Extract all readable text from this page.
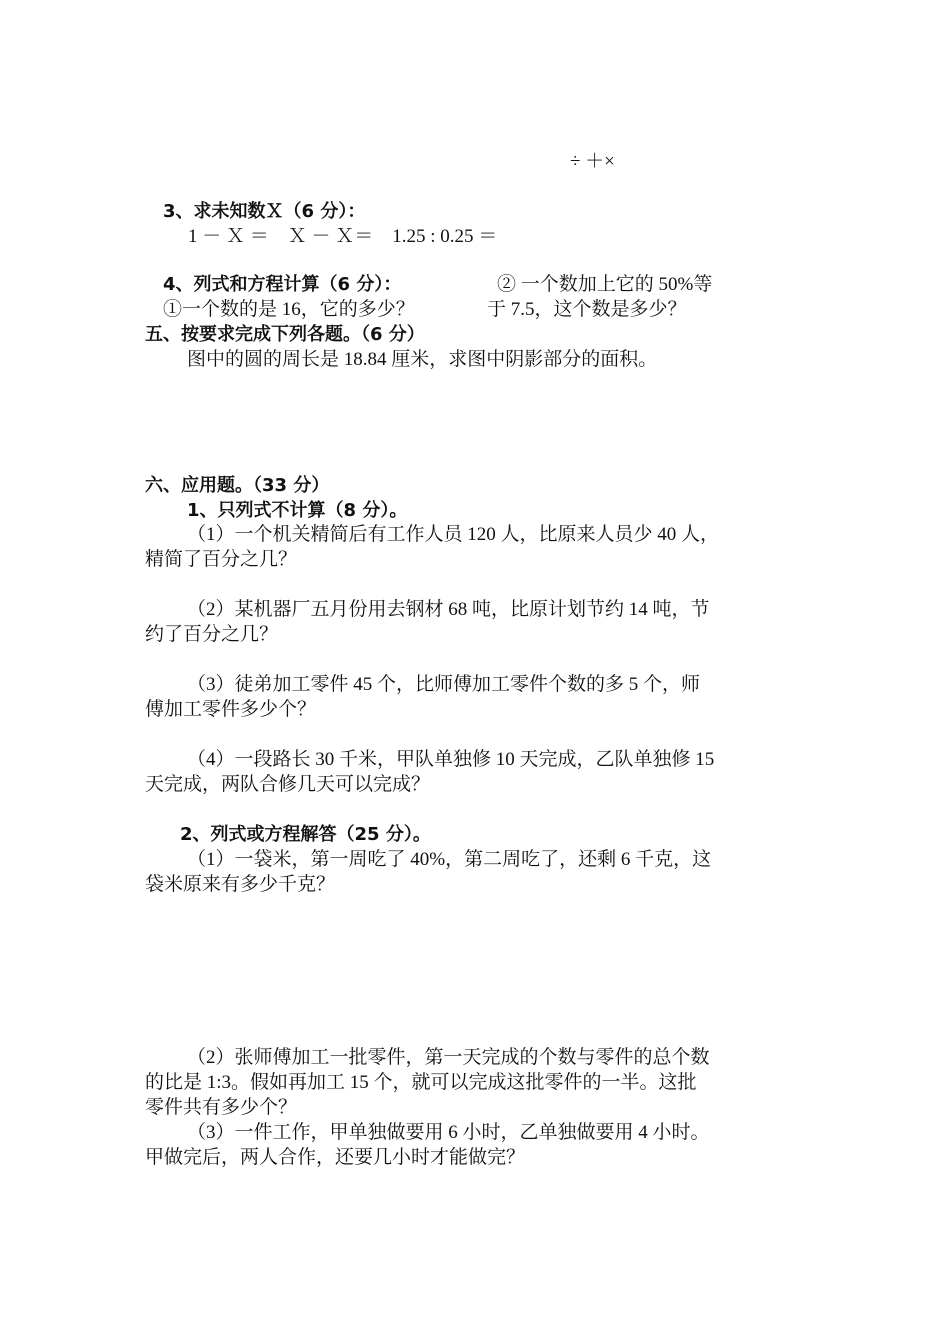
÷ ＋×
3、求未知数Ｘ（6 分）：
1 － Ｘ ＝　Ｘ － Ｘ＝　1.25 : 0.25 ＝
4、列式和方程计算（6 分）：	② 一个数加上它的 50%等
①一个数的是 16，它的多少？	于 7.5，这个数是多少？
五、按要求完成下列各题。（6 分）
图中的圆的周长是 18.84 厘米，求图中阴影部分的面积。
六、应用题。（33 分）
1、只列式不计算（8 分）。
（1）一个机关精简后有工作人员 120 人，比原来人员少 40 人，
精简了百分之几？
（2）某机器厂五月份用去钢材 68 吨，比原计划节约 14 吨，节
约了百分之几？
（3）徒弟加工零件 45 个，比师傅加工零件个数的多 5 个，师
傅加工零件多少个？
（4）一段路长 30 千米，甲队单独修 10 天完成，乙队单独修 15
天完成，两队合修几天可以完成？
2、列式或方程解答（25 分）。
（1）一袋米，第一周吃了 40%，第二周吃了，还剩 6 千克，这
袋米原来有多少千克？
（2）张师傅加工一批零件，第一天完成的个数与零件的总个数
的比是 1:3。假如再加工 15 个，就可以完成这批零件的一半。这批
零件共有多少个？
（3）一件工作，甲单独做要用 6 小时，乙单独做要用 4 小时。
甲做完后，两人合作，还要几小时才能做完？
